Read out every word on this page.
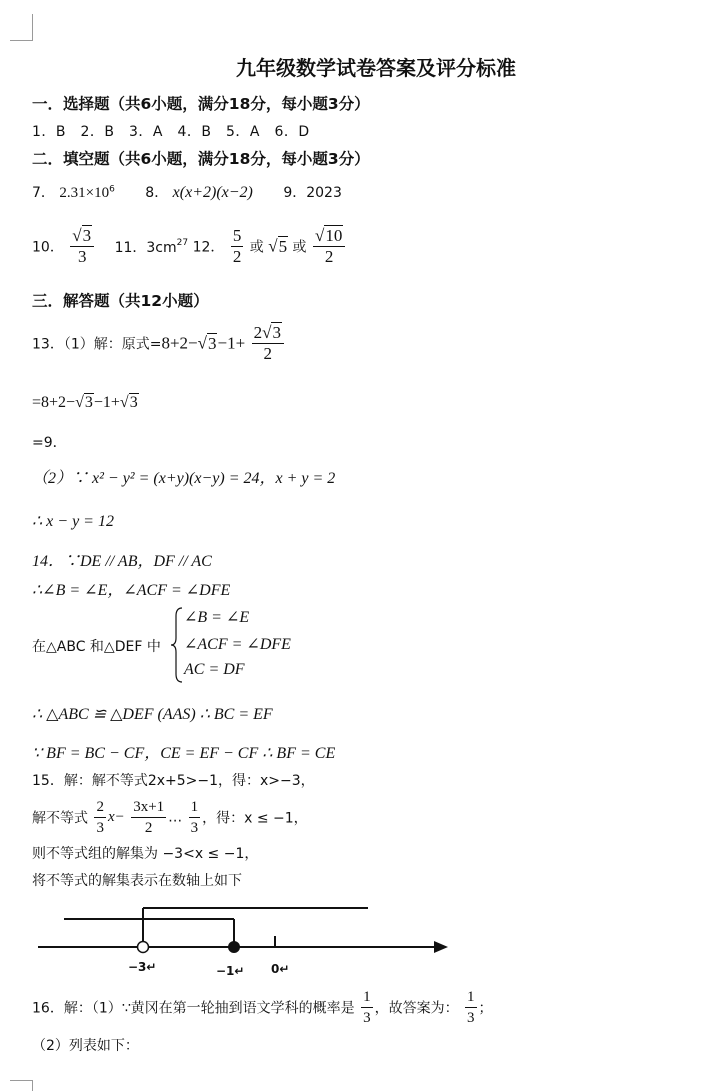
九年级数学试卷答案及评分标准
一．选择题（共6小题，满分18分，每小题3分）
1．B　2．B　3．A　4．B　5．A　6．D
二．填空题（共6小题，满分18分，每小题3分）
7． $2.31\times 10^6$ 8． x(x+2)(x−2) 9．2023
10． $\frac{√3}{3} 11$．$3cm^{27}$ 12． $\frac{5}{2}$ 或 √5 或 $\frac{√10}{2}$
三．解答题（共12小题）
13．（1）解：原式$=8+2-√3-1+ \frac{2√3}{2}$
=8+2−√3−1+√3
=9．
（2）∵ x² − y² = (x+y)(x−y) = 24，x + y = 2
∴ x − y = 12
14．∵DE // AB，DF // AC
∴∠B = ∠E，∠ACF = ∠DFE
在△ABC 和△DEF 中
∠B = ∠E
∠ACF = ∠DFE
AC = DF
∴ △ABC ≌ △DEF (AAS) ∴ BC = EF
∵ BF = BC − CF，CE = EF − CF ∴ BF = CE
15．解：解不等式2x+5>−1，得：x>−3，
解不等式 $\frac{2}{3} x- \frac{3x+1}{2}$ … $\frac{1}{3}$ ，得：x ≤ −1，
则不等式组的解集为 −3<x ≤ −1，
将不等式的解集表示在数轴上如下
−3↵	−1↵ 0↵
16．解：（1）∵黄冈在第一轮抽到语文学科的概率是 $\frac{1}{3}$ ，故答案为： $\frac{1}{3}$ ；
（2）列表如下：
